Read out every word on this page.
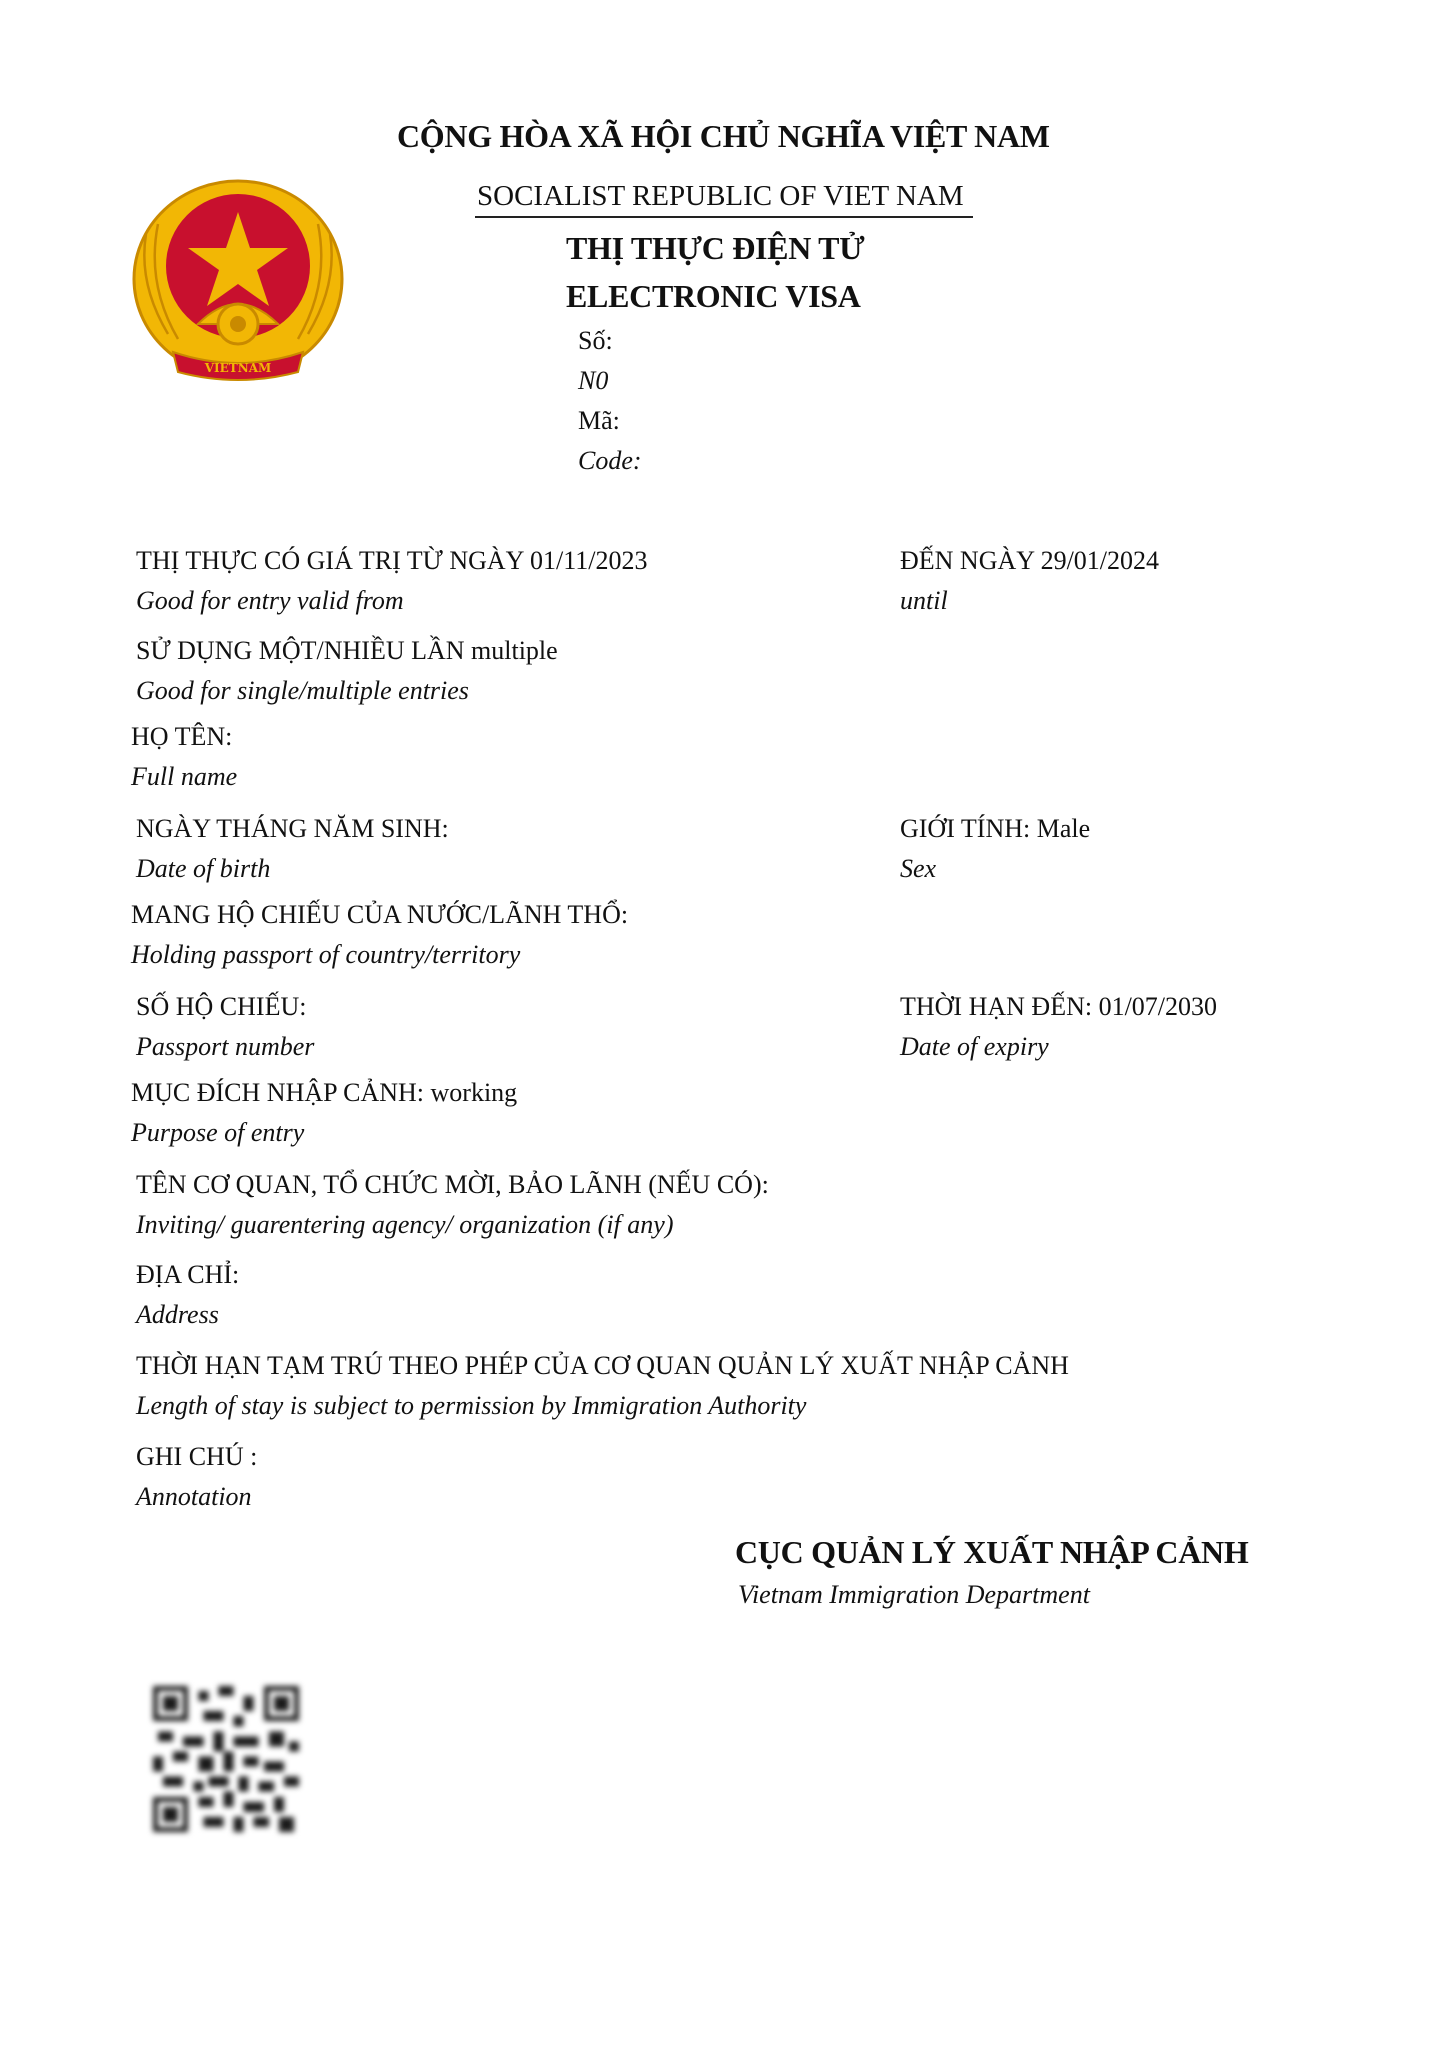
VIETNAM
CỘNG HÒA XÃ HỘI CHỦ NGHĨA VIỆT NAM
SOCIALIST REPUBLIC OF VIET NAM
THỊ THỰC ĐIỆN TỬ
ELECTRONIC VISA
Số:
N0
Mã:
Code:
THỊ THỰC CÓ GIÁ TRỊ TỪ NGÀY 01/11/2023
Good for entry valid from
ĐẾN NGÀY 29/01/2024
until
SỬ DỤNG MỘT/NHIỀU LẦN multiple
Good for single/multiple entries
HỌ TÊN:
Full name
NGÀY THÁNG NĂM SINH:
Date of birth
GIỚI TÍNH: Male
Sex
MANG HỘ CHIẾU CỦA NƯỚC/LÃNH THỔ:
Holding passport of country/territory
SỐ HỘ CHIẾU:
Passport number
THỜI HẠN ĐẾN: 01/07/2030
Date of expiry
MỤC ĐÍCH NHẬP CẢNH: working
Purpose of entry
TÊN CƠ QUAN, TỔ CHỨC MỜI, BẢO LÃNH (NẾU CÓ):
Inviting/ guarentering agency/ organization (if any)
ĐỊA CHỈ:
Address
THỜI HẠN TẠM TRÚ THEO PHÉP CỦA CƠ QUAN QUẢN LÝ XUẤT NHẬP CẢNH
Length of stay is subject to permission by Immigration Authority
GHI CHÚ :
Annotation
CỤC QUẢN LÝ XUẤT NHẬP CẢNH
Vietnam Immigration Department
